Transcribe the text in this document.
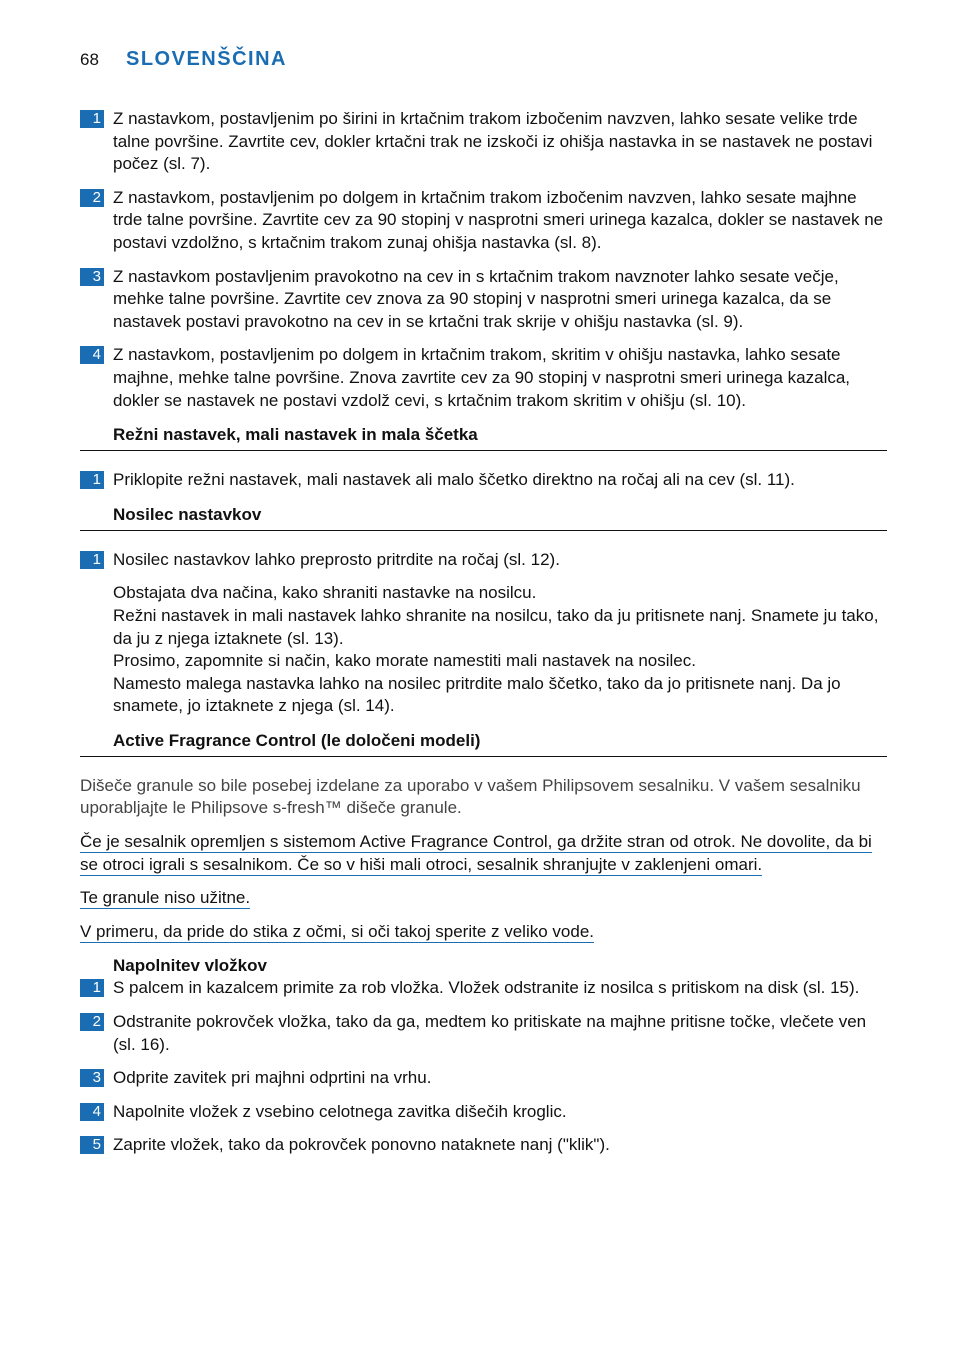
68	SLOVENŠČINA
1 Z nastavkom, postavljenim po širini in krtačnim trakom izbočenim navzven, lahko sesate velike trde talne površine. Zavrtite cev, dokler krtačni trak ne izskoči iz ohišja nastavka in se nastavek ne postavi počez (sl. 7).
2 Z nastavkom, postavljenim po dolgem in krtačnim trakom izbočenim navzven, lahko sesate majhne trde talne površine. Zavrtite cev za 90 stopinj v nasprotni smeri urinega kazalca, dokler se nastavek ne postavi vzdolžno, s krtačnim trakom zunaj ohišja nastavka (sl. 8).
3 Z nastavkom postavljenim pravokotno na cev in s krtačnim trakom navznoter lahko sesate večje, mehke talne površine. Zavrtite cev znova za 90 stopinj v nasprotni smeri urinega kazalca, da se nastavek postavi pravokotno na cev in se krtačni trak skrije v ohišju nastavka (sl. 9).
4 Z nastavkom, postavljenim po dolgem in krtačnim trakom, skritim v ohišju nastavka, lahko sesate majhne, mehke talne površine. Znova zavrtite cev za 90 stopinj v nasprotni smeri urinega kazalca, dokler se nastavek ne postavi vzdolž cevi, s krtačnim trakom skritim v ohišju (sl. 10).
Režni nastavek, mali nastavek in mala ščetka
1 Priklopite režni nastavek, mali nastavek ali malo ščetko direktno na ročaj ali na cev (sl. 11).
Nosilec nastavkov
1 Nosilec nastavkov lahko preprosto pritrdite na ročaj (sl. 12).
Obstajata dva načina, kako shraniti nastavke na nosilcu.
Režni nastavek in mali nastavek lahko shranite na nosilcu, tako da ju pritisnete nanj. Snamete ju tako, da ju z njega iztaknete (sl. 13).
Prosimo, zapomnite si način, kako morate namestiti mali nastavek na nosilec.
Namesto malega nastavka lahko na nosilec pritrdite malo ščetko, tako da jo pritisnete nanj. Da jo snamete, jo iztaknete z njega (sl. 14).
Active Fragrance Control (le določeni modeli)
Dišeče granule so bile posebej izdelane za uporabo v vašem Philipsovem sesalniku. V vašem sesalniku uporabljajte le Philipsove s-fresh™ dišeče granule.
Če je sesalnik opremljen s sistemom Active Fragrance Control, ga držite stran od otrok. Ne dovolite, da bi se otroci igrali s sesalnikom. Če so v hiši mali otroci, sesalnik shranjujte v zaklenjeni omari.
Te granule niso užitne.
V primeru, da pride do stika z očmi, si oči takoj sperite z veliko vode.
Napolnitev vložkov
1 S palcem in kazalcem primite za rob vložka. Vložek odstranite iz nosilca s pritiskom na disk (sl. 15).
2 Odstranite pokrovček vložka, tako da ga, medtem ko pritiskate na majhne pritisne točke, vlečete ven (sl. 16).
3 Odprite zavitek pri majhni odprtini na vrhu.
4 Napolnite vložek z vsebino celotnega zavitka dišečih kroglic.
5 Zaprite vložek, tako da pokrovček ponovno nataknete nanj ("klik").
